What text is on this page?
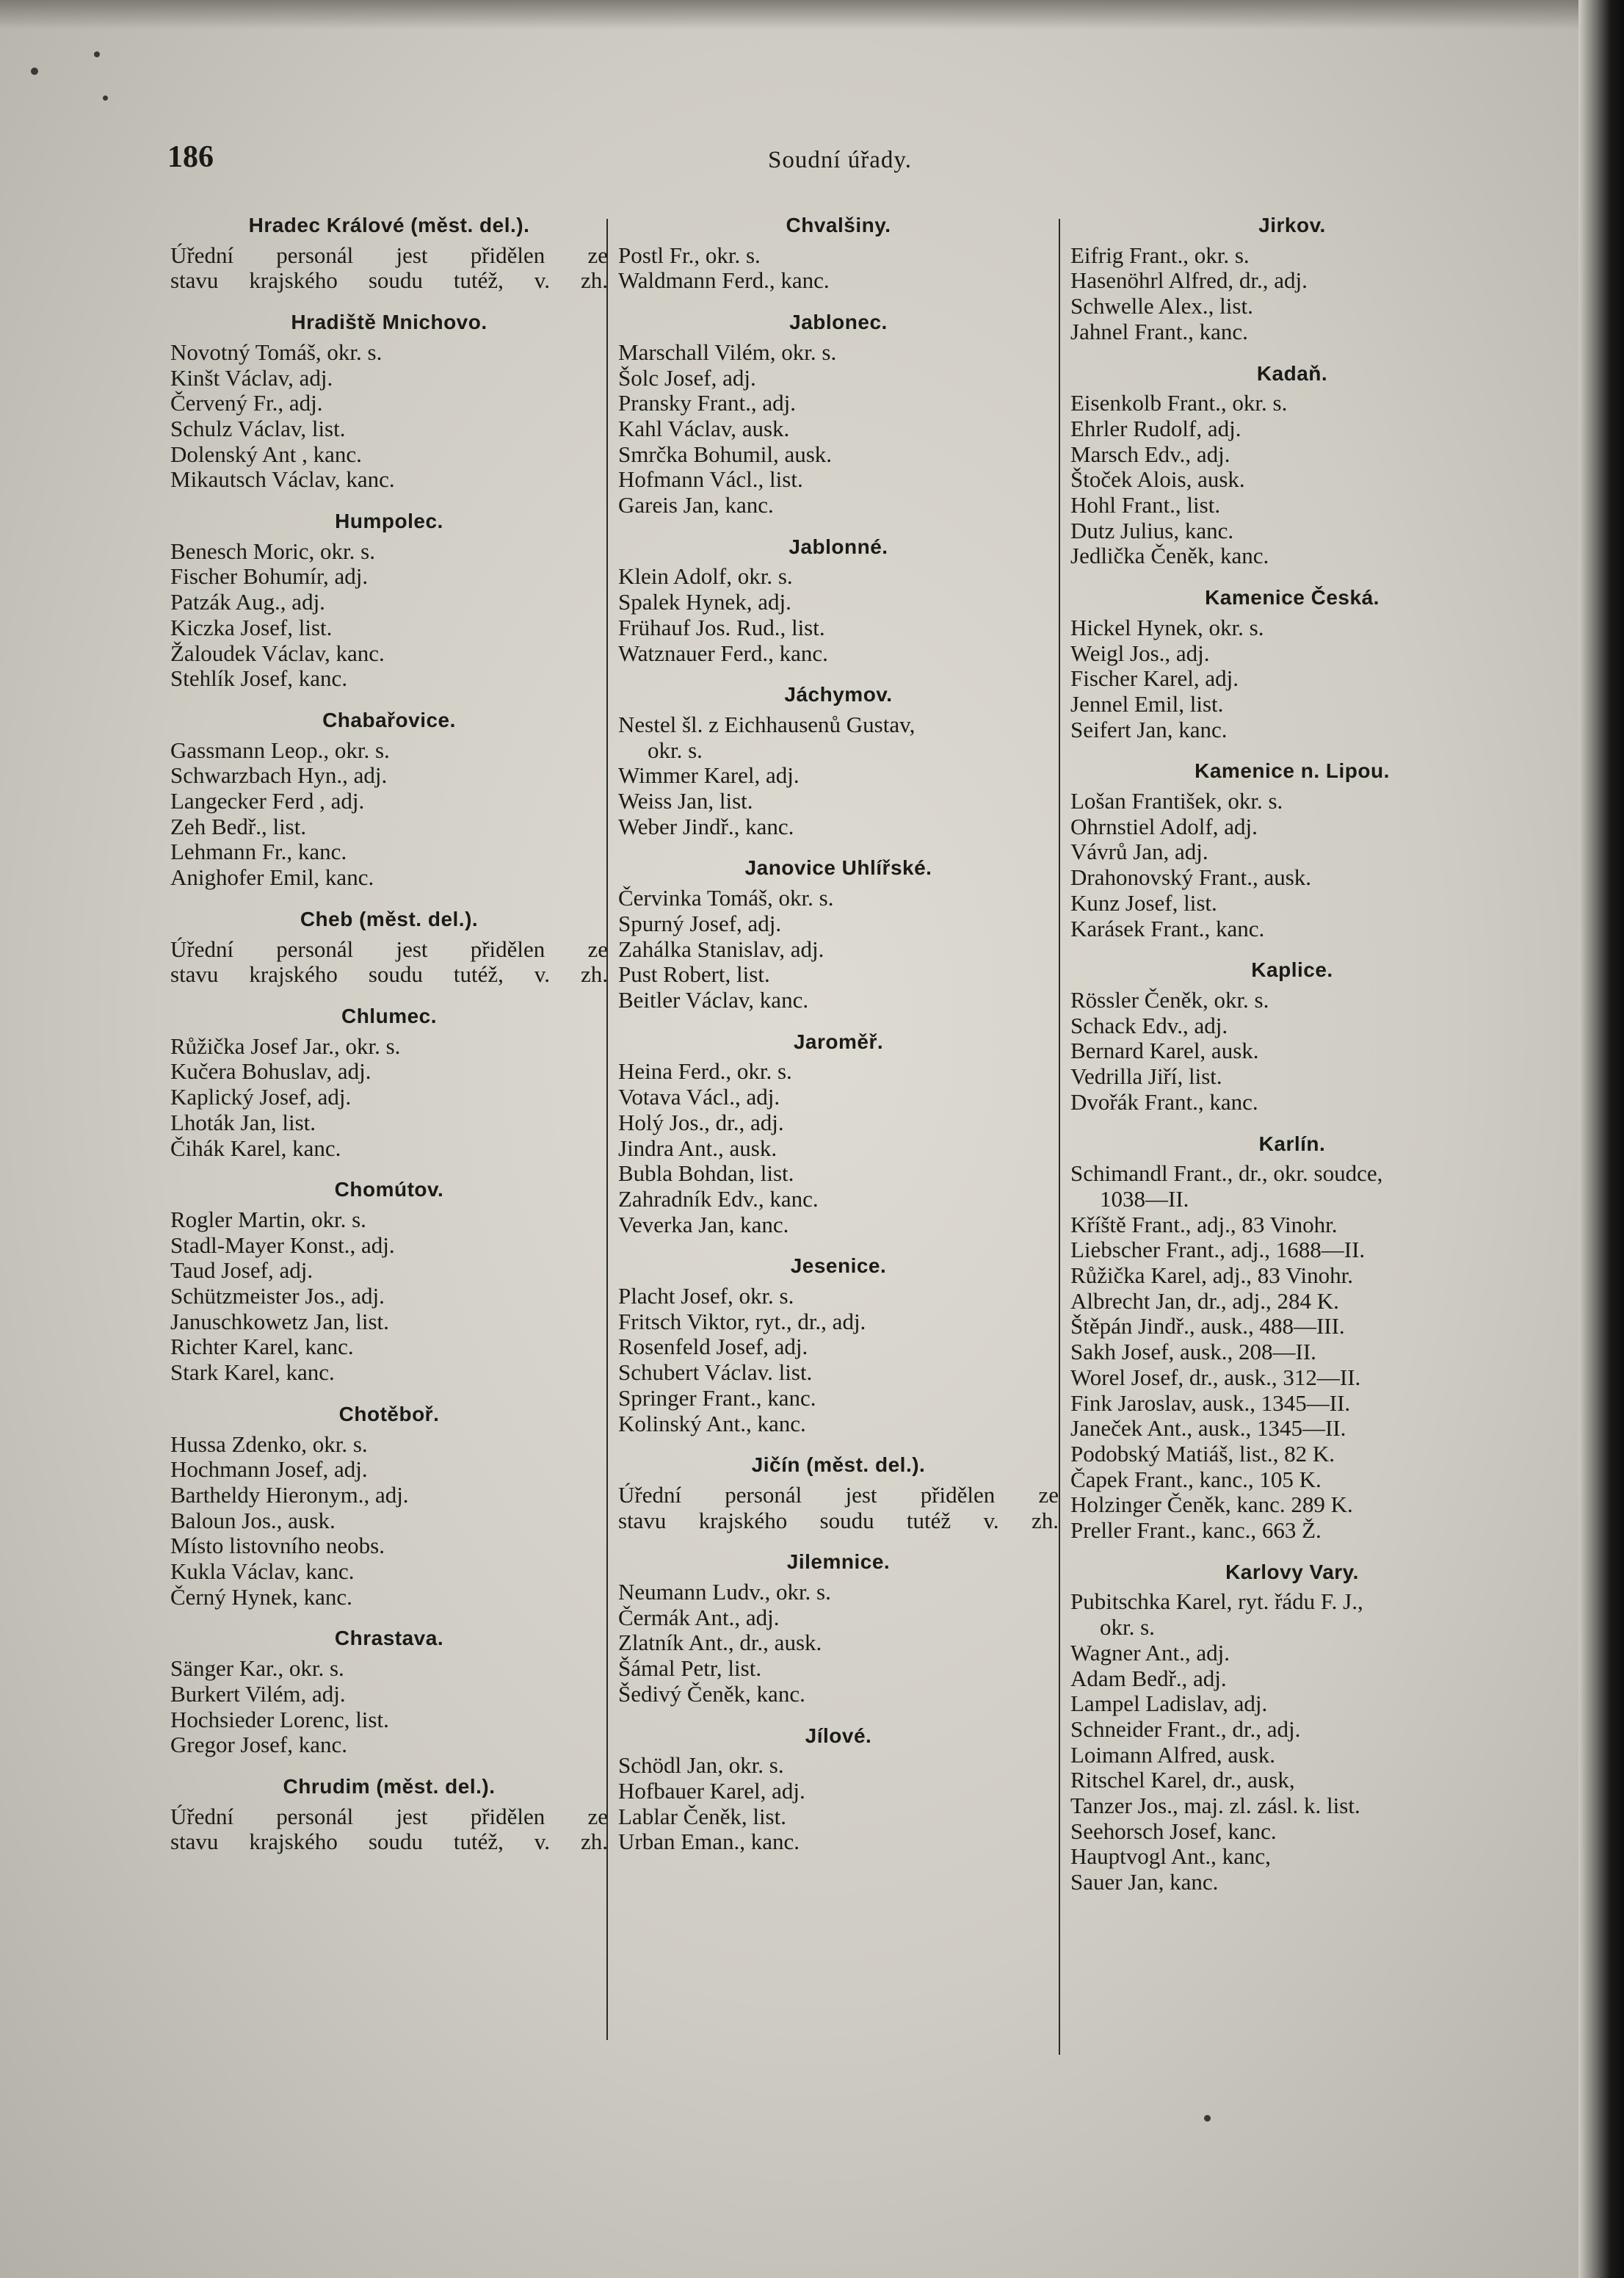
186	Soudní úřady.
Hradec Králové (měst. del.).
Úřední personál jest přidělen ze
stavu krajského soudu tutéž, v. zh.
Hradiště Mnichovo.
Novotný Tomáš, okr. s.
Kinšt Václav, adj.
Červený Fr., adj.
Schulz Václav, list.
Dolenský Ant , kanc.
Mikautsch Václav, kanc.
Humpolec.
Benesch Moric, okr. s.
Fischer Bohumír, adj.
Patzák Aug., adj.
Kiczka Josef, list.
Žaloudek Václav, kanc.
Stehlík Josef, kanc.
Chabařovice.
Gassmann Leop., okr. s.
Schwarzbach Hyn., adj.
Langecker Ferd , adj.
Zeh Bedř., list.
Lehmann Fr., kanc.
Anighofer Emil, kanc.
Cheb (měst. del.).
Úřední personál jest přidělen ze
stavu krajského soudu tutéž, v. zh.
Chlumec.
Růžička Josef Jar., okr. s.
Kučera Bohuslav, adj.
Kaplický Josef, adj.
Lhoták Jan, list.
Čihák Karel, kanc.
Chomútov.
Rogler Martin, okr. s.
Stadl-Mayer Konst., adj.
Taud Josef, adj.
Schützmeister Jos., adj.
Januschkowetz Jan, list.
Richter Karel, kanc.
Stark Karel, kanc.
Chotěboř.
Hussa Zdenko, okr. s.
Hochmann Josef, adj.
Bartheldy Hieronym., adj.
Baloun Jos., ausk.
Místo listovního neobs.
Kukla Václav, kanc.
Černý Hynek, kanc.
Chrastava.
Sänger Kar., okr. s.
Burkert Vilém, adj.
Hochsieder Lorenc, list.
Gregor Josef, kanc.
Chrudim (měst. del.).
Úřední personál jest přidělen ze
stavu krajského soudu tutéž, v. zh.
Chvalšiny.
Postl Fr., okr. s.
Waldmann Ferd., kanc.
Jablonec.
Marschall Vilém, okr. s.
Šolc Josef, adj.
Pransky Frant., adj.
Kahl Václav, ausk.
Smrčka Bohumil, ausk.
Hofmann Václ., list.
Gareis Jan, kanc.
Jablonné.
Klein Adolf, okr. s.
Spalek Hynek, adj.
Frühauf Jos. Rud., list.
Watznauer Ferd., kanc.
Jáchymov.
Nestel šl. z Eichhausenů Gustav,
okr. s.
Wimmer Karel, adj.
Weiss Jan, list.
Weber Jindř., kanc.
Janovice Uhlířské.
Červinka Tomáš, okr. s.
Spurný Josef, adj.
Zahálka Stanislav, adj.
Pust Robert, list.
Beitler Václav, kanc.
Jaroměř.
Heina Ferd., okr. s.
Votava Václ., adj.
Holý Jos., dr., adj.
Jindra Ant., ausk.
Bubla Bohdan, list.
Zahradník Edv., kanc.
Veverka Jan, kanc.
Jesenice.
Placht Josef, okr. s.
Fritsch Viktor, ryt., dr., adj.
Rosenfeld Josef, adj.
Schubert Václav. list.
Springer Frant., kanc.
Kolinský Ant., kanc.
Jičín (měst. del.).
Úřední personál jest přidělen ze
stavu krajského soudu tutéž v. zh.
Jilemnice.
Neumann Ludv., okr. s.
Čermák Ant., adj.
Zlatník Ant., dr., ausk.
Šámal Petr, list.
Šedivý Čeněk, kanc.
Jílové.
Schödl Jan, okr. s.
Hofbauer Karel, adj.
Lablar Čeněk, list.
Urban Eman., kanc.
Jirkov.
Eifrig Frant., okr. s.
Hasenöhrl Alfred, dr., adj.
Schwelle Alex., list.
Jahnel Frant., kanc.
Kadaň.
Eisenkolb Frant., okr. s.
Ehrler Rudolf, adj.
Marsch Edv., adj.
Štoček Alois, ausk.
Hohl Frant., list.
Dutz Julius, kanc.
Jedlička Čeněk, kanc.
Kamenice Česká.
Hickel Hynek, okr. s.
Weigl Jos., adj.
Fischer Karel, adj.
Jennel Emil, list.
Seifert Jan, kanc.
Kamenice n. Lipou.
Lošan František, okr. s.
Ohrnstiel Adolf, adj.
Vávrů Jan, adj.
Drahonovský Frant., ausk.
Kunz Josef, list.
Karásek Frant., kanc.
Kaplice.
Rössler Čeněk, okr. s.
Schack Edv., adj.
Bernard Karel, ausk.
Vedrilla Jiří, list.
Dvořák Frant., kanc.
Karlín.
Schimandl Frant., dr., okr. soudce,
1038—II.
Kříště Frant., adj., 83 Vinohr.
Liebscher Frant., adj., 1688—II.
Růžička Karel, adj., 83 Vinohr.
Albrecht Jan, dr., adj., 284 K.
Štěpán Jindř., ausk., 488—III.
Sakh Josef, ausk., 208—II.
Worel Josef, dr., ausk., 312—II.
Fink Jaroslav, ausk., 1345—II.
Janeček Ant., ausk., 1345—II.
Podobský Matiáš, list., 82 K.
Čapek Frant., kanc., 105 K.
Holzinger Čeněk, kanc. 289 K.
Preller Frant., kanc., 663 Ž.
Karlovy Vary.
Pubitschka Karel, ryt. řádu F. J.,
okr. s.
Wagner Ant., adj.
Adam Bedř., adj.
Lampel Ladislav, adj.
Schneider Frant., dr., adj.
Loimann Alfred, ausk.
Ritschel Karel, dr., ausk,
Tanzer Jos., maj. zl. zásl. k. list.
Seehorsch Josef, kanc.
Hauptvogl Ant., kanc,
Sauer Jan, kanc.
